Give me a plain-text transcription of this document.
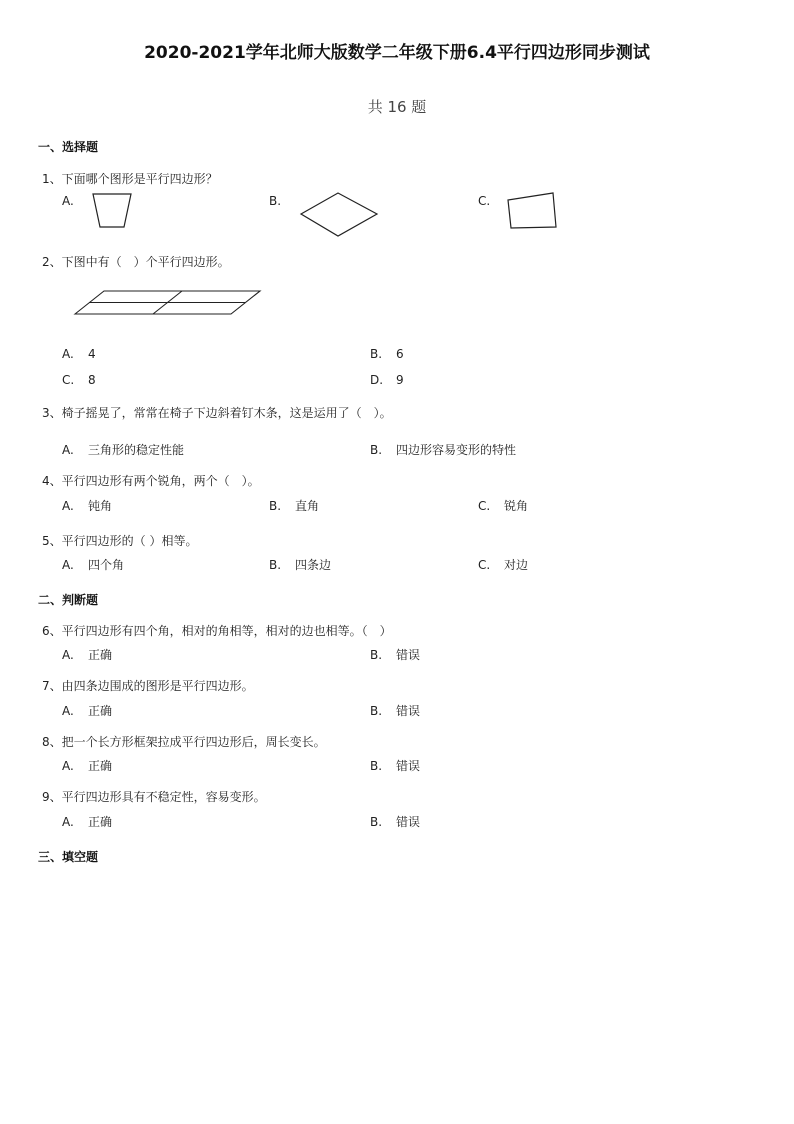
2020-2021学年北师大版数学二年级下册6.4平行四边形同步测试
共 16 题
一、选择题
1、下面哪个图形是平行四边形？
A.	B.	C.
2、下图中有（　）个平行四边形。
A. 4	B. 6
C. 8	D. 9
3、椅子摇晃了，常常在椅子下边斜着钉木条，这是运用了（　）。
A. 三角形的稳定性能	B. 四边形容易变形的特性
4、平行四边形有两个锐角，两个（　）。
A. 钝角	B. 直角	C. 锐角
5、平行四边形的（ ）相等。
A. 四个角	B. 四条边	C. 对边
二、判断题
6、平行四边形有四个角，相对的角相等，相对的边也相等。（　）
A. 正确	B. 错误
7、由四条边围成的图形是平行四边形。
A. 正确	B. 错误
8、把一个长方形框架拉成平行四边形后，周长变长。
A. 正确	B. 错误
9、平行四边形具有不稳定性，容易变形。
A. 正确	B. 错误
三、填空题
